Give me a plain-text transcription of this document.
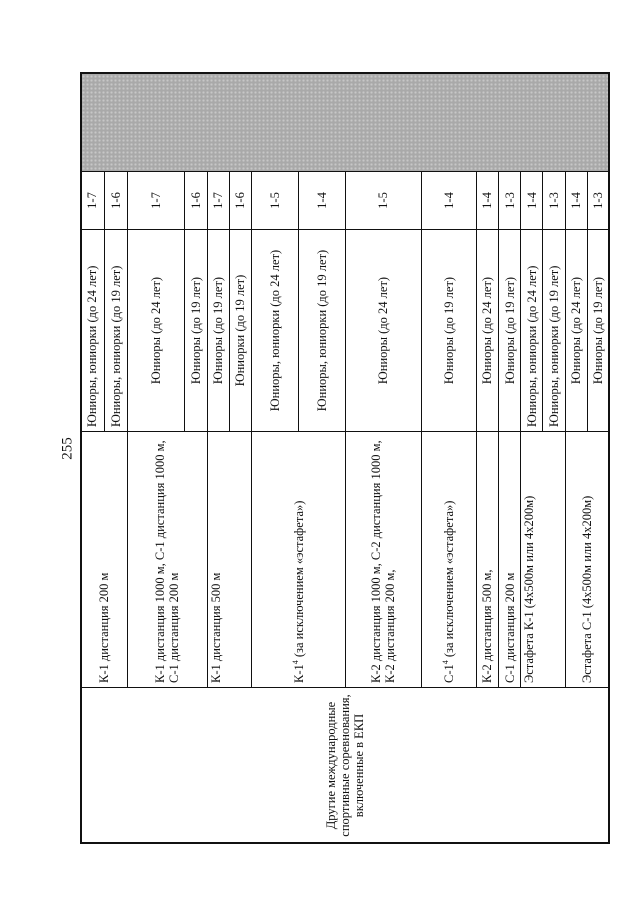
255
Другие международные спортивные соревнования, включенные в ЕКП	К-1 дистанция 200 м	Юниоры, юниорки (до 24 лет)	1-7	
		Юниоры, юниорки (до 19 лет)	1-6	
	К-1 дистанция 1000 м, С-1 дистанция 1000 м, С-1 дистанция 200 м	Юниоры (до 24 лет)	1-7	
		Юниоры (до 19 лет)	1-6	
	К-1 дистанция 500 м	Юниоры (до 19 лет)	1-7	
		Юниорки (до 19 лет)	1-6	
	$К-1^4$ (за исключением «эстафета»)	Юниоры, юниорки (до 24 лет)	1-5	
		Юниоры, юниорки (до 19 лет)	1-4	
	К-2 дистанция 1000 м, С-2 дистанция 1000 м, К-2 дистанция 200 м,	Юниоры (до 24 лет)	1-5	
	$С-1^4$ (за исключением «эстафета»)	Юниоры (до 19 лет)	1-4	
	К-2 дистанция 500 м,	Юниоры (до 24 лет)	1-4	
	С-1 дистанция 200 м	Юниоры (до 19 лет)	1-3	
	Эстафета К-1 (4х500м или 4х200м)	Юниоры, юниорки (до 24 лет)	1-4	
		Юниоры, юниорки (до 19 лет)	1-3	
	Эстафета С-1 (4х500м или 4х200м)	Юниоры (до 24 лет)	1-4	
		Юниоры (до 19 лет)	1-3	
